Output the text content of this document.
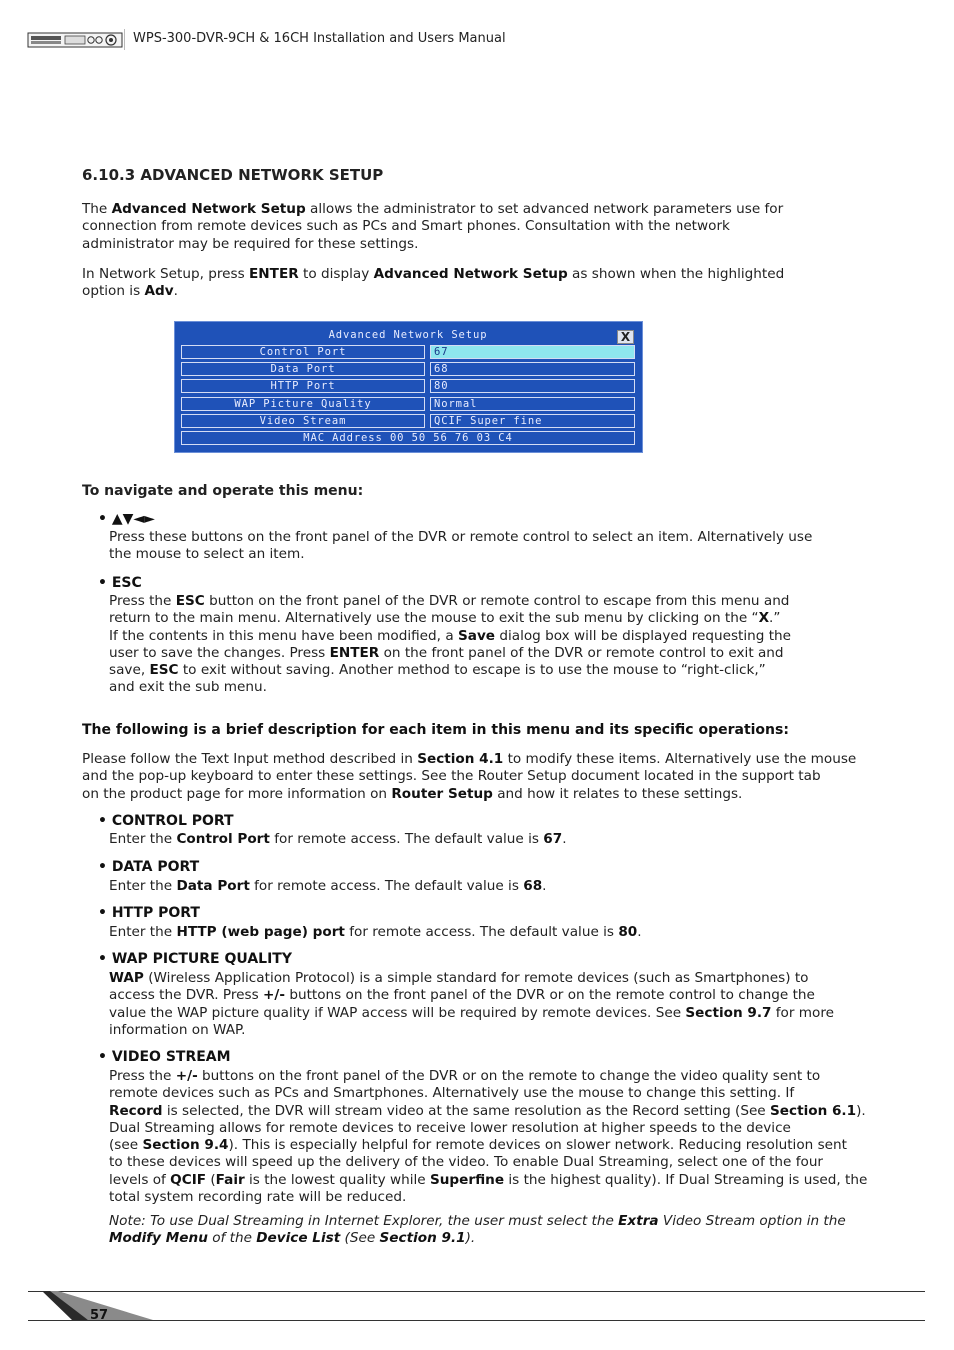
WPS-300-DVR-9CH & 16CH Installation and Users Manual
6.10.3 ADVANCED NETWORK SETUP
The Advanced Network Setup allows the administrator to set advanced network parameters use for
connection from remote devices such as PCs and Smart phones. Consultation with the network
administrator may be required for these settings.
In Network Setup, press ENTER to display Advanced Network Setup as shown when the highlighted
option is Adv.
Advanced Network Setup	X
Control Port	67
Data Port	68
HTTP Port	80
WAP Picture Quality	Normal
Video Stream	QCIF Super fine
MAC Address 00 50 56 76 03 C4
To navigate and operate this menu:
• ▲▼◄►
Press these buttons on the front panel of the DVR or remote control to select an item. Alternatively use
the mouse to select an item.
• ESC
Press the ESC button on the front panel of the DVR or remote control to escape from this menu and
return to the main menu. Alternatively use the mouse to exit the sub menu by clicking on the “X.”
If the contents in this menu have been modified, a Save dialog box will be displayed requesting the
user to save the changes. Press ENTER on the front panel of the DVR or remote control to exit and
save, ESC to exit without saving. Another method to escape is to use the mouse to “right-click,”
and exit the sub menu.
The following is a brief description for each item in this menu and its specific operations:
Please follow the Text Input method described in Section 4.1 to modify these items. Alternatively use the mouse
and the pop-up keyboard to enter these settings. See the Router Setup document located in the support tab
on the product page for more information on Router Setup and how it relates to these settings.
• CONTROL PORT
Enter the Control Port for remote access. The default value is 67.
• DATA PORT
Enter the Data Port for remote access. The default value is 68.
• HTTP PORT
Enter the HTTP (web page) port for remote access. The default value is 80.
• WAP PICTURE QUALITY
WAP (Wireless Application Protocol) is a simple standard for remote devices (such as Smartphones) to
access the DVR. Press +/- buttons on the front panel of the DVR or on the remote control to change the
value the WAP picture quality if WAP access will be required by remote devices. See Section 9.7 for more
information on WAP.
• VIDEO STREAM
Press the +/- buttons on the front panel of the DVR or on the remote to change the video quality sent to
remote devices such as PCs and Smartphones. Alternatively use the mouse to change this setting. If
Record is selected, the DVR will stream video at the same resolution as the Record setting (See Section 6.1).
Dual Streaming allows for remote devices to receive lower resolution at higher speeds to the device
(see Section 9.4). This is especially helpful for remote devices on slower network. Reducing resolution sent
to these devices will speed up the delivery of the video. To enable Dual Streaming, select one of the four
levels of QCIF (Fair is the lowest quality while Superfine is the highest quality). If Dual Streaming is used, the
total system recording rate will be reduced.
Note: To use Dual Streaming in Internet Explorer, the user must select the Extra Video Stream option in the
Modify Menu of the Device List (See Section 9.1).
57
